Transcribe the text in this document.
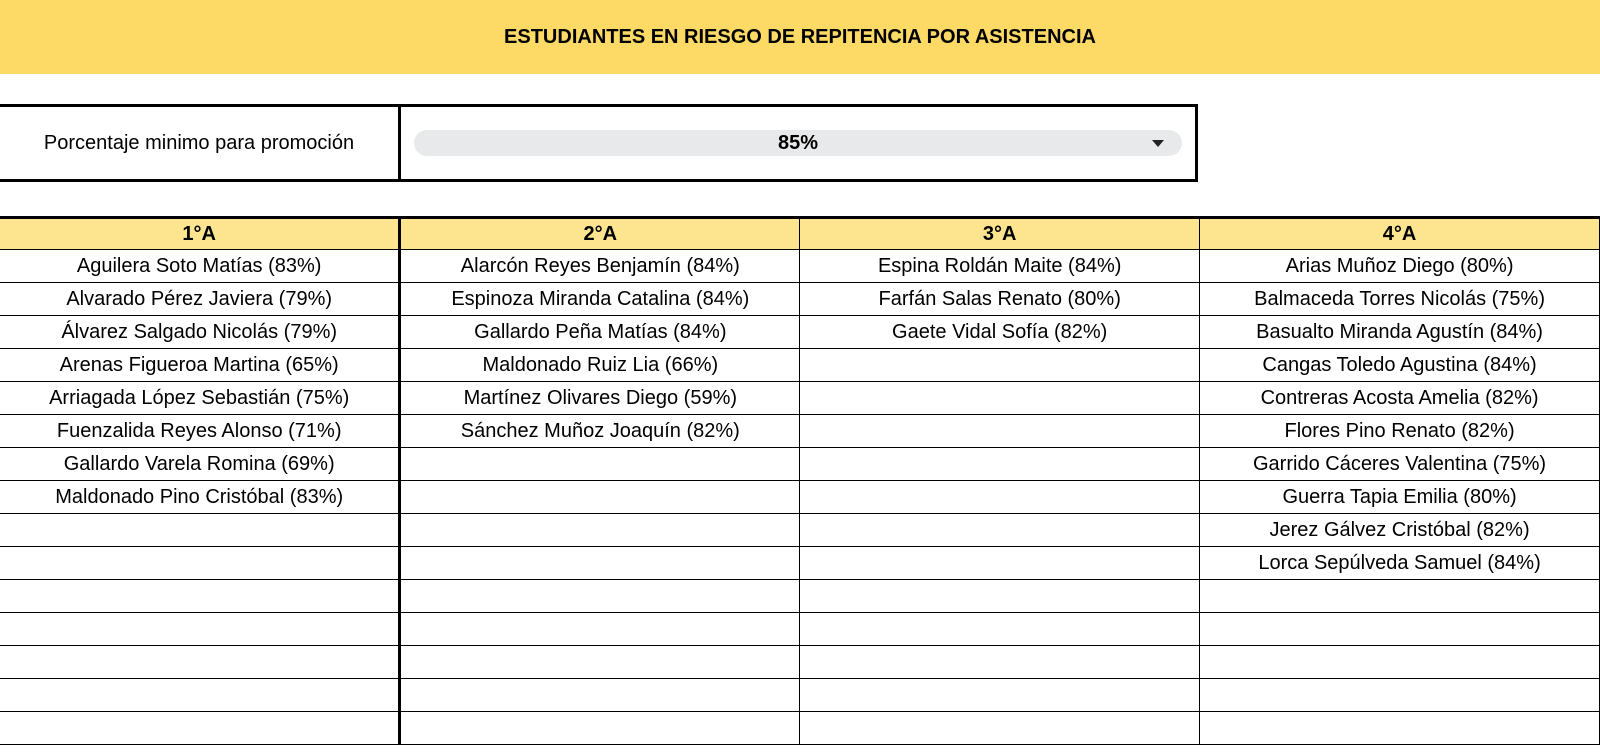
ESTUDIANTES EN RIESGO DE REPITENCIA POR ASISTENCIA
Porcentaje minimo para promoción	85%
1°A	2°A	3°A	4°A
Aguilera Soto Matías (83%)	Alarcón Reyes Benjamín (84%)	Espina Roldán Maite (84%)	Arias Muñoz Diego (80%)
Alvarado Pérez Javiera (79%)	Espinoza Miranda Catalina (84%)	Farfán Salas Renato (80%)	Balmaceda Torres Nicolás (75%)
Álvarez Salgado Nicolás (79%)	Gallardo Peña Matías (84%)	Gaete Vidal Sofía (82%)	Basualto Miranda Agustín (84%)
Arenas Figueroa Martina (65%)	Maldonado Ruiz Lia (66%)		Cangas Toledo Agustina (84%)
Arriagada López Sebastián (75%)	Martínez Olivares Diego (59%)		Contreras Acosta Amelia (82%)
Fuenzalida Reyes Alonso (71%)	Sánchez Muñoz Joaquín (82%)		Flores Pino Renato (82%)
Gallardo Varela Romina (69%)			Garrido Cáceres Valentina (75%)
Maldonado Pino Cristóbal (83%)			Guerra Tapia Emilia (80%)
			Jerez Gálvez Cristóbal (82%)
			Lorca Sepúlveda Samuel (84%)
